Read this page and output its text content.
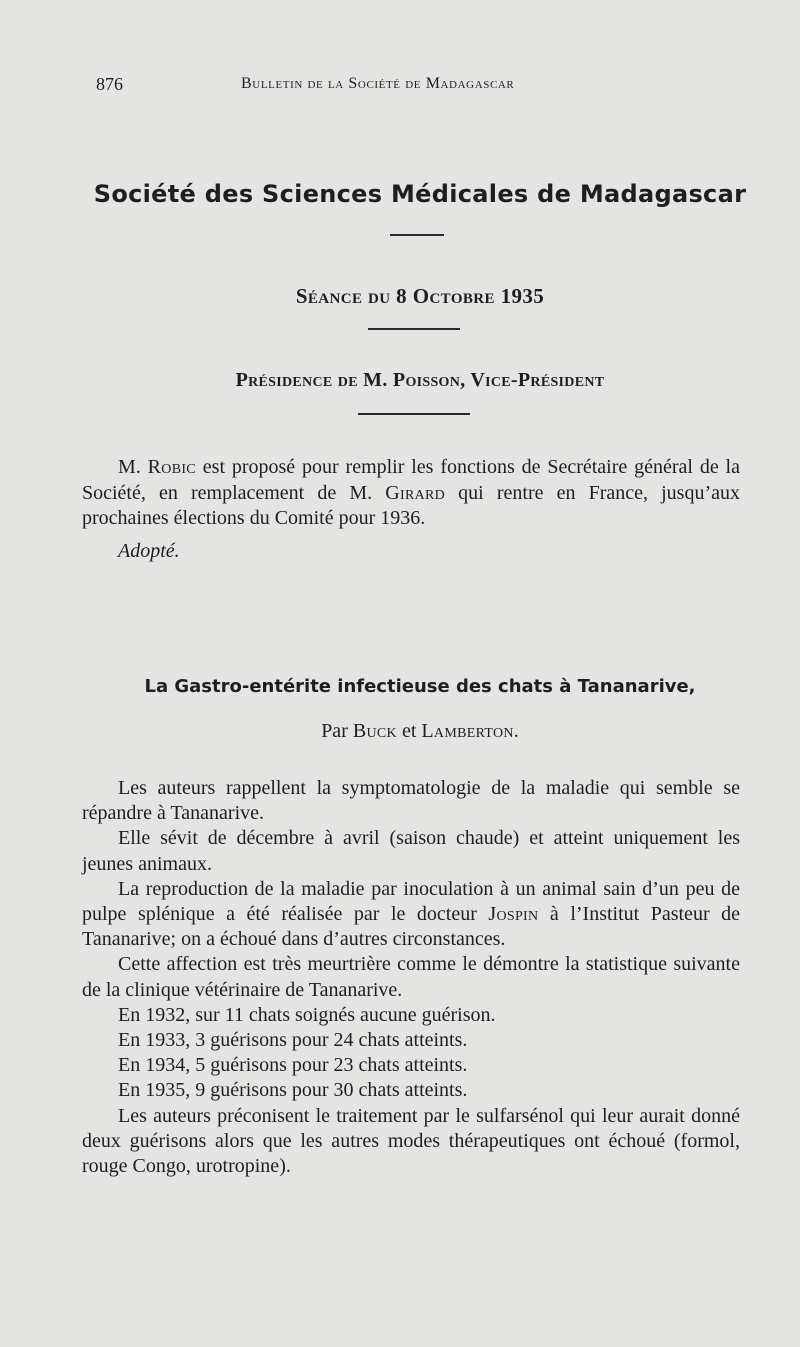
876	Bulletin de la Société de Madagascar
Société des Sciences Médicales de Madagascar
Séance du 8 Octobre 1935
Présidence de M. Poisson, Vice-Président

M. Robic est proposé pour remplir les fonctions de Secrétaire général de la Société, en remplacement de M. Girard qui rentre en France, jusqu’aux prochaines élections du Comité pour 1936.

Adopté.

La Gastro-entérite infectieuse des chats à Tananarive,

Par Buck et Lamberton.

Les auteurs rappellent la symptomatologie de la maladie qui semble se répandre à Tananarive.

Elle sévit de décembre à avril (saison chaude) et atteint uniquement les jeunes animaux.

La reproduction de la maladie par inoculation à un animal sain d’un peu de pulpe splénique a été réalisée par le docteur Jospin à l’Institut Pasteur de Tananarive; on a échoué dans d’autres circonstances.

Cette affection est très meurtrière comme le démontre la statistique suivante de la clinique vétérinaire de Tananarive.

En 1932, sur 11 chats soignés aucune guérison.

En 1933, 3 guérisons pour 24 chats atteints.

En 1934, 5 guérisons pour 23 chats atteints.

En 1935, 9 guérisons pour 30 chats atteints.

Les auteurs préconisent le traitement par le sulfarsénol qui leur aurait donné deux guérisons alors que les autres modes thérapeutiques ont échoué (formol, rouge Congo, urotropine).
